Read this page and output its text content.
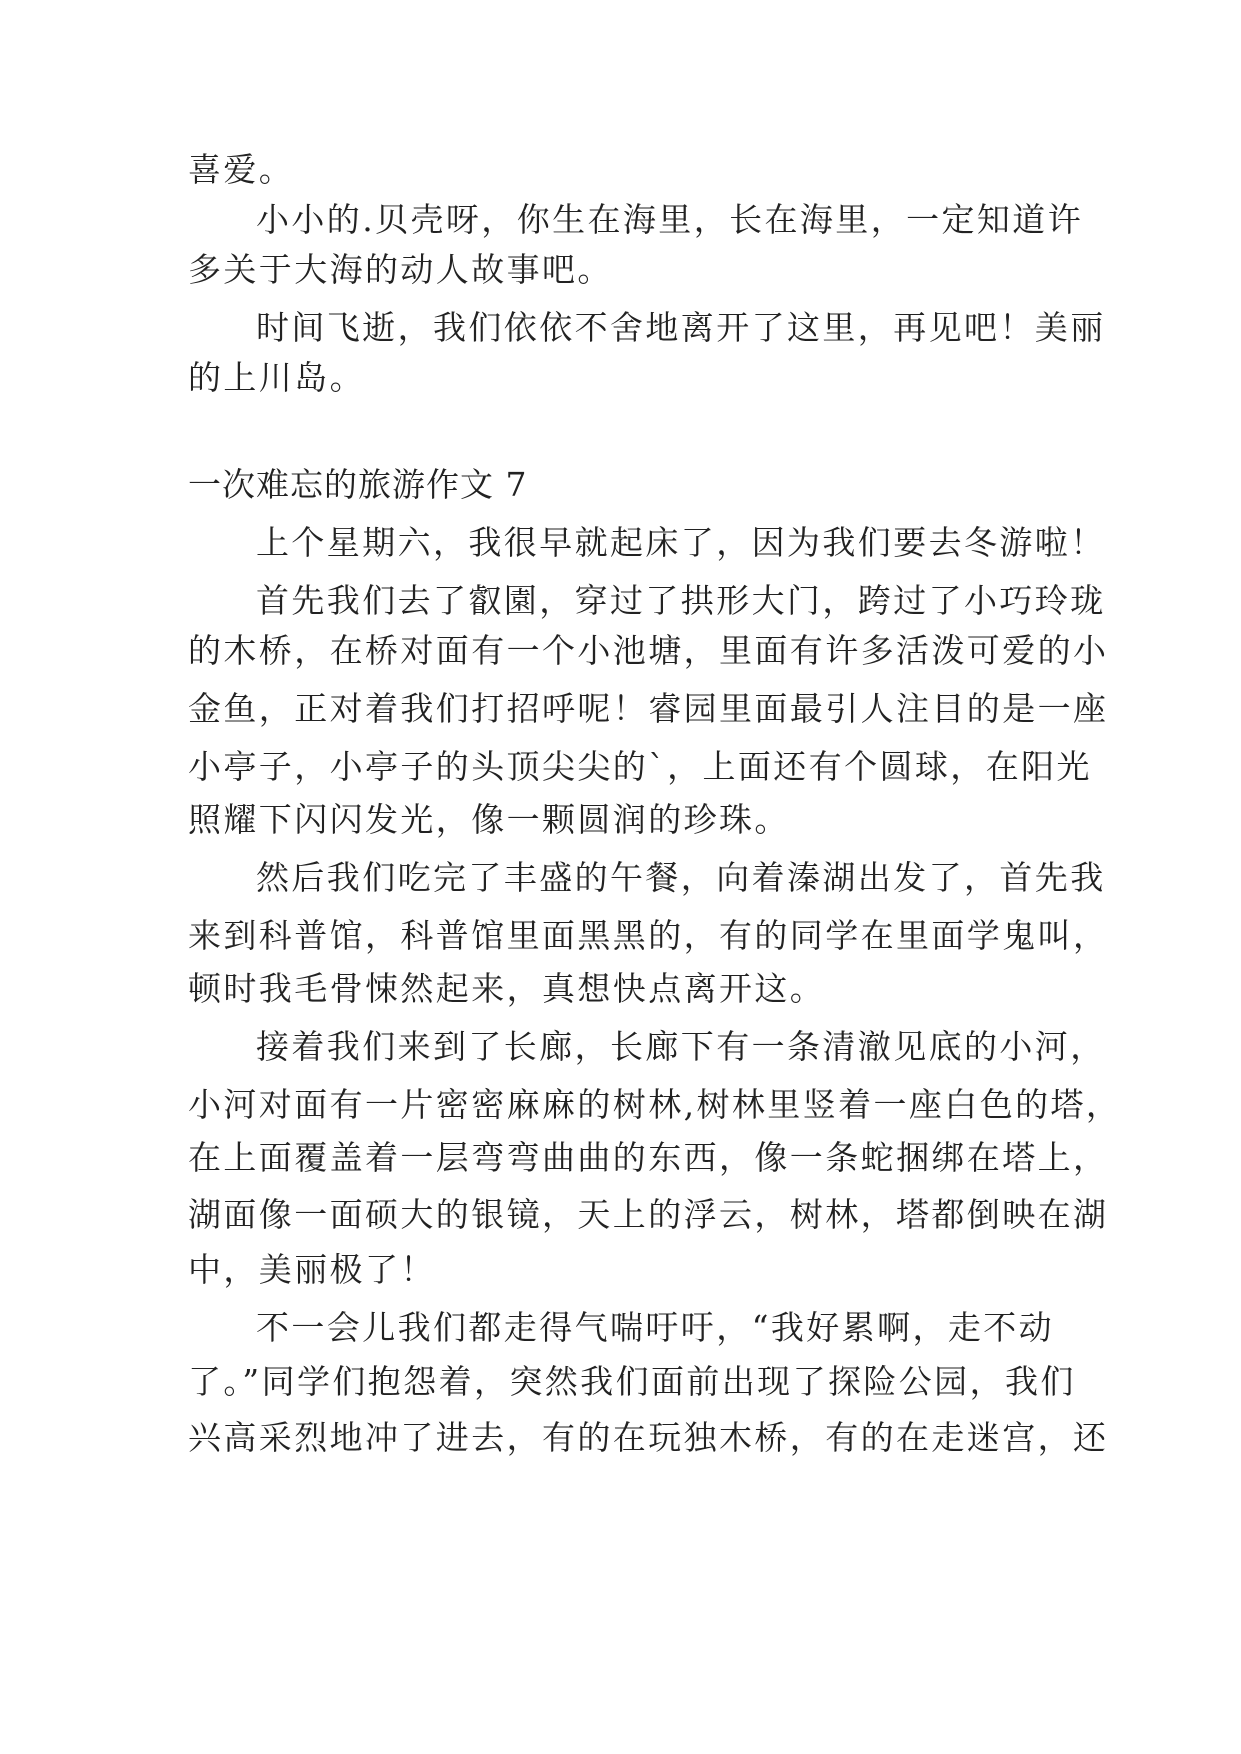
喜爱。
小小的.贝壳呀，你生在海里，长在海里，一定知道许
多关于大海的动人故事吧。
时间飞逝，我们依依不舍地离开了这里，再见吧！美丽
的上川岛。
一次难忘的旅游作文 7
上个星期六，我很早就起床了，因为我们要去冬游啦！
首先我们去了叡園，穿过了拱形大门，跨过了小巧玲珑
的木桥，在桥对面有一个小池塘，里面有许多活泼可爱的小
金鱼，正对着我们打招呼呢！睿园里面最引人注目的是一座
小亭子，小亭子的头顶尖尖的`，上面还有个圆球，在阳光
照耀下闪闪发光，像一颗圆润的珍珠。
然后我们吃完了丰盛的午餐，向着溱湖出发了，首先我
来到科普馆，科普馆里面黑黑的，有的同学在里面学鬼叫，
顿时我毛骨悚然起来，真想快点离开这。
接着我们来到了长廊，长廊下有一条清澈见底的小河，
小河对面有一片密密麻麻的树林,树林里竖着一座白色的塔，
在上面覆盖着一层弯弯曲曲的东西，像一条蛇捆绑在塔上，
湖面像一面硕大的银镜，天上的浮云，树林，塔都倒映在湖
中，美丽极了！
不一会儿我们都走得气喘吁吁，“我好累啊，走不动
了。”同学们抱怨着，突然我们面前出现了探险公园，我们
兴高采烈地冲了进去，有的在玩独木桥，有的在走迷宫，还
